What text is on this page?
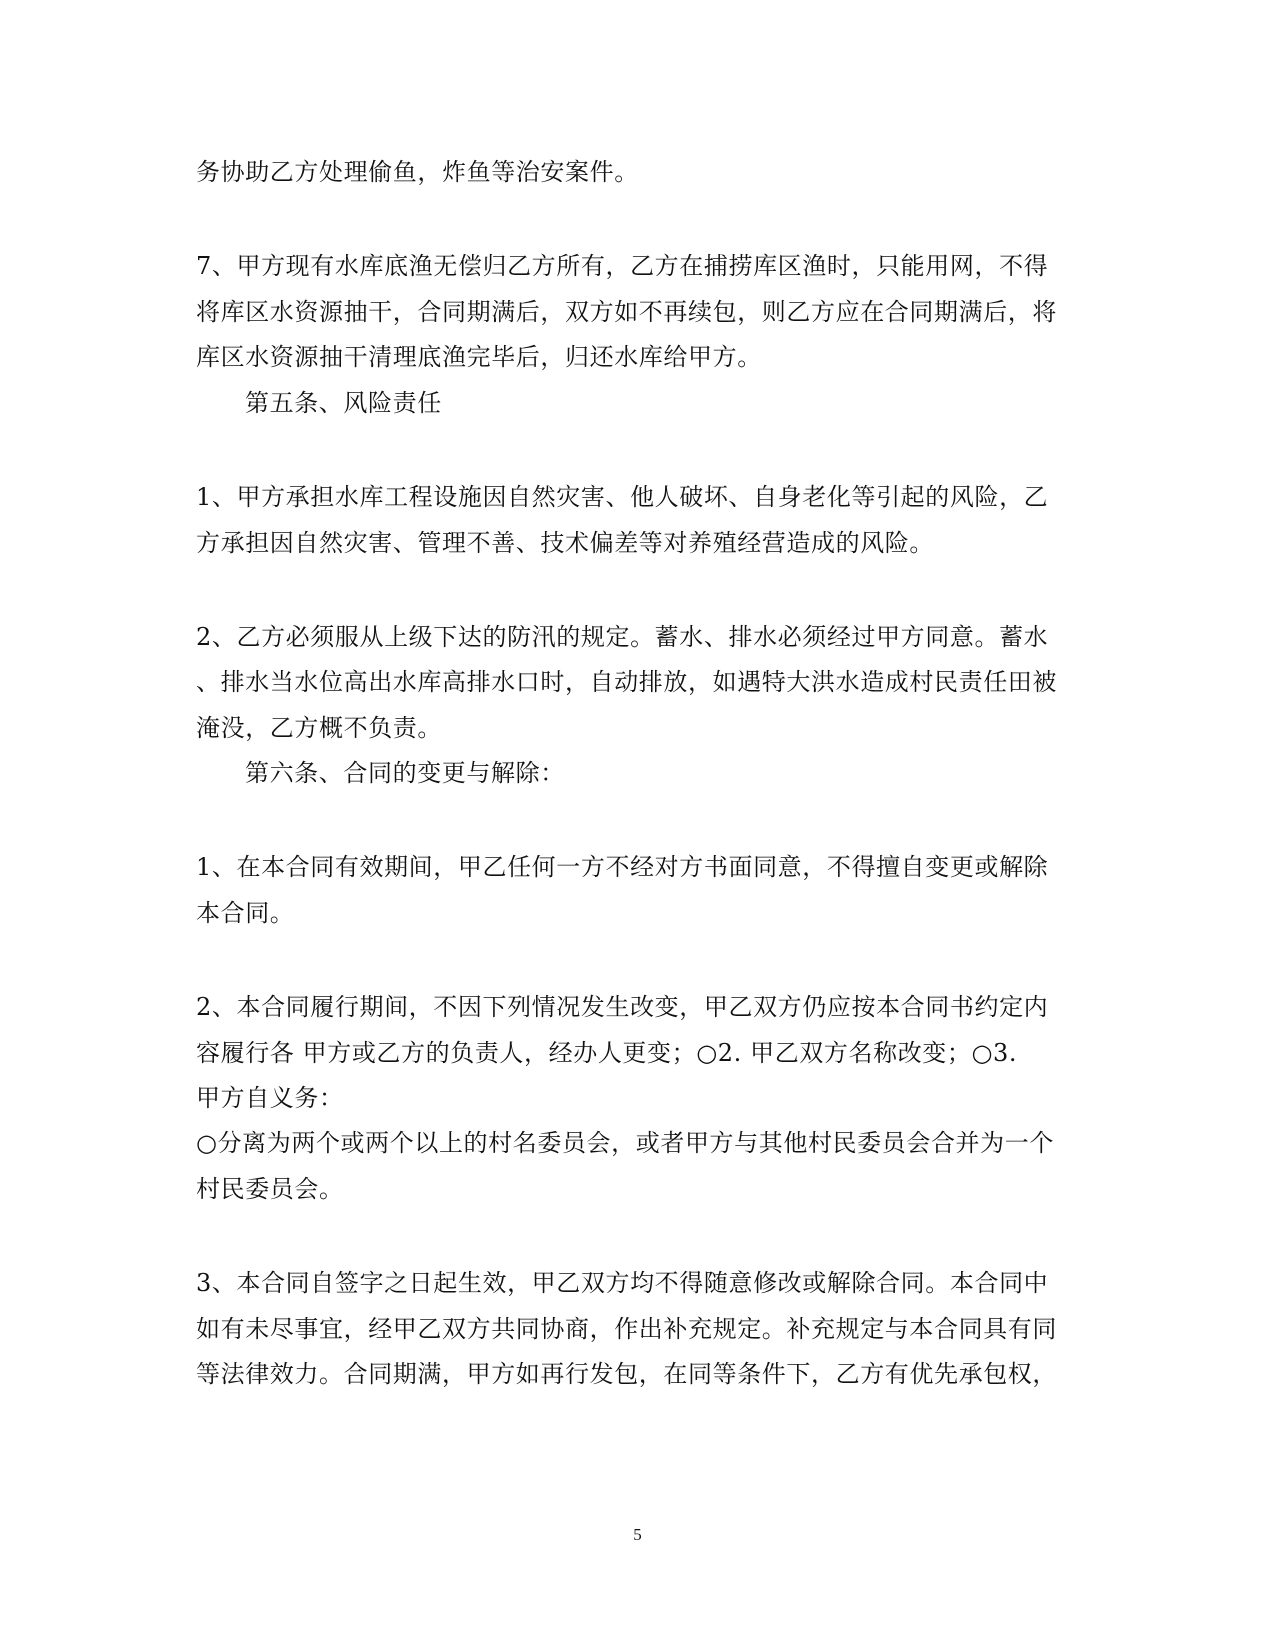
务协助乙方处理偷鱼，炸鱼等治安案件。
7、甲方现有水库底渔无偿归乙方所有，乙方在捕捞库区渔时，只能用网，不得
将库区水资源抽干，合同期满后，双方如不再续包，则乙方应在合同期满后，将
库区水资源抽干清理底渔完毕后，归还水库给甲方。
第五条、风险责任
1、甲方承担水库工程设施因自然灾害、他人破坏、自身老化等引起的风险，乙
方承担因自然灾害、管理不善、技术偏差等对养殖经营造成的风险。
2、乙方必须服从上级下达的防汛的规定。蓄水、排水必须经过甲方同意。蓄水
、排水当水位高出水库高排水口时，自动排放，如遇特大洪水造成村民责任田被
淹没，乙方概不负责。
第六条、合同的变更与解除：
1、在本合同有效期间，甲乙任何一方不经对方书面同意，不得擅自变更或解除
本合同。
2、本合同履行期间，不因下列情况发生改变，甲乙双方仍应按本合同书约定内
容履行各 甲方或乙方的负责人，经办人更变；○2. 甲乙双方名称改变；○3.
甲方自义务：
○分离为两个或两个以上的村名委员会，或者甲方与其他村民委员会合并为一个
村民委员会。
3、本合同自签字之日起生效，甲乙双方均不得随意修改或解除合同。本合同中
如有未尽事宜，经甲乙双方共同协商，作出补充规定。补充规定与本合同具有同
等法律效力。合同期满，甲方如再行发包，在同等条件下，乙方有优先承包权，
5
